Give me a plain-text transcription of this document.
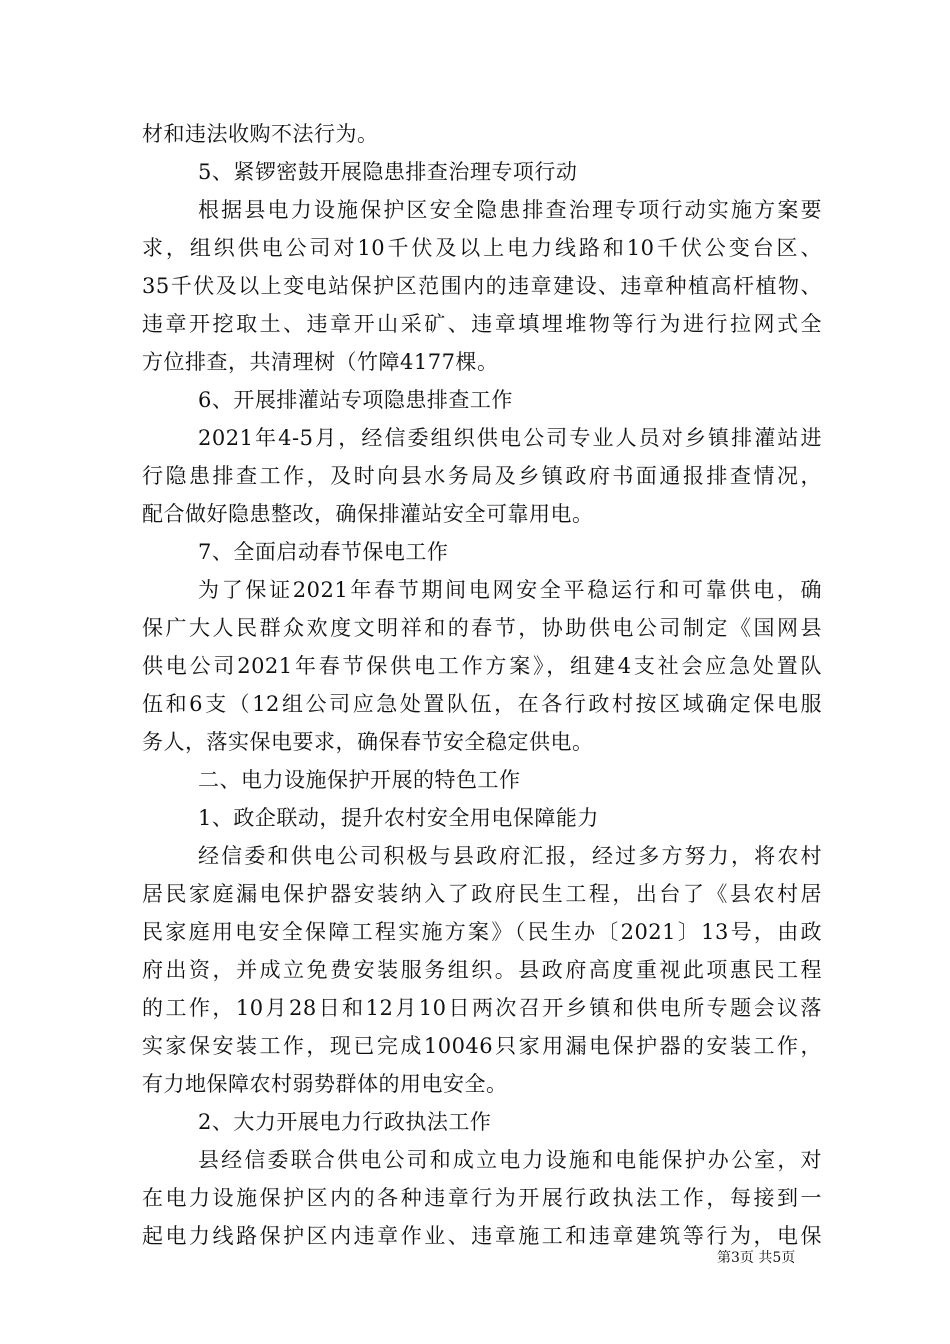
材和违法收购不法行为。
5、紧锣密鼓开展隐患排查治理专项行动
根据县电力设施保护区安全隐患排查治理专项行动实施方案要
求，组织供电公司对10千伏及以上电力线路和10千伏公变台区、
35千伏及以上变电站保护区范围内的违章建设、违章种植高杆植物、
违章开挖取土、违章开山采矿、违章填埋堆物等行为进行拉网式全
方位排查，共清理树（竹障4177棵。
6、开展排灌站专项隐患排查工作
2021年4-5月，经信委组织供电公司专业人员对乡镇排灌站进
行隐患排查工作，及时向县水务局及乡镇政府书面通报排查情况，
配合做好隐患整改，确保排灌站安全可靠用电。
7、全面启动春节保电工作
为了保证2021年春节期间电网安全平稳运行和可靠供电，确
保广大人民群众欢度文明祥和的春节，协助供电公司制定《国网县
供电公司2021年春节保供电工作方案》，组建4支社会应急处置队
伍和6支（12组公司应急处置队伍，在各行政村按区域确定保电服
务人，落实保电要求，确保春节安全稳定供电。
二、电力设施保护开展的特色工作
1、政企联动，提升农村安全用电保障能力
经信委和供电公司积极与县政府汇报，经过多方努力，将农村
居民家庭漏电保护器安装纳入了政府民生工程，出台了《县农村居
民家庭用电安全保障工程实施方案》（民生办〔2021〕13号，由政
府出资，并成立免费安装服务组织。县政府高度重视此项惠民工程
的工作，10月28日和12月10日两次召开乡镇和供电所专题会议落
实家保安装工作，现已完成10046只家用漏电保护器的安装工作，
有力地保障农村弱势群体的用电安全。
2、大力开展电力行政执法工作
县经信委联合供电公司和成立电力设施和电能保护办公室，对
在电力设施保护区内的各种违章行为开展行政执法工作，每接到一
起电力线路保护区内违章作业、违章施工和违章建筑等行为，电保
第3页 共5页
